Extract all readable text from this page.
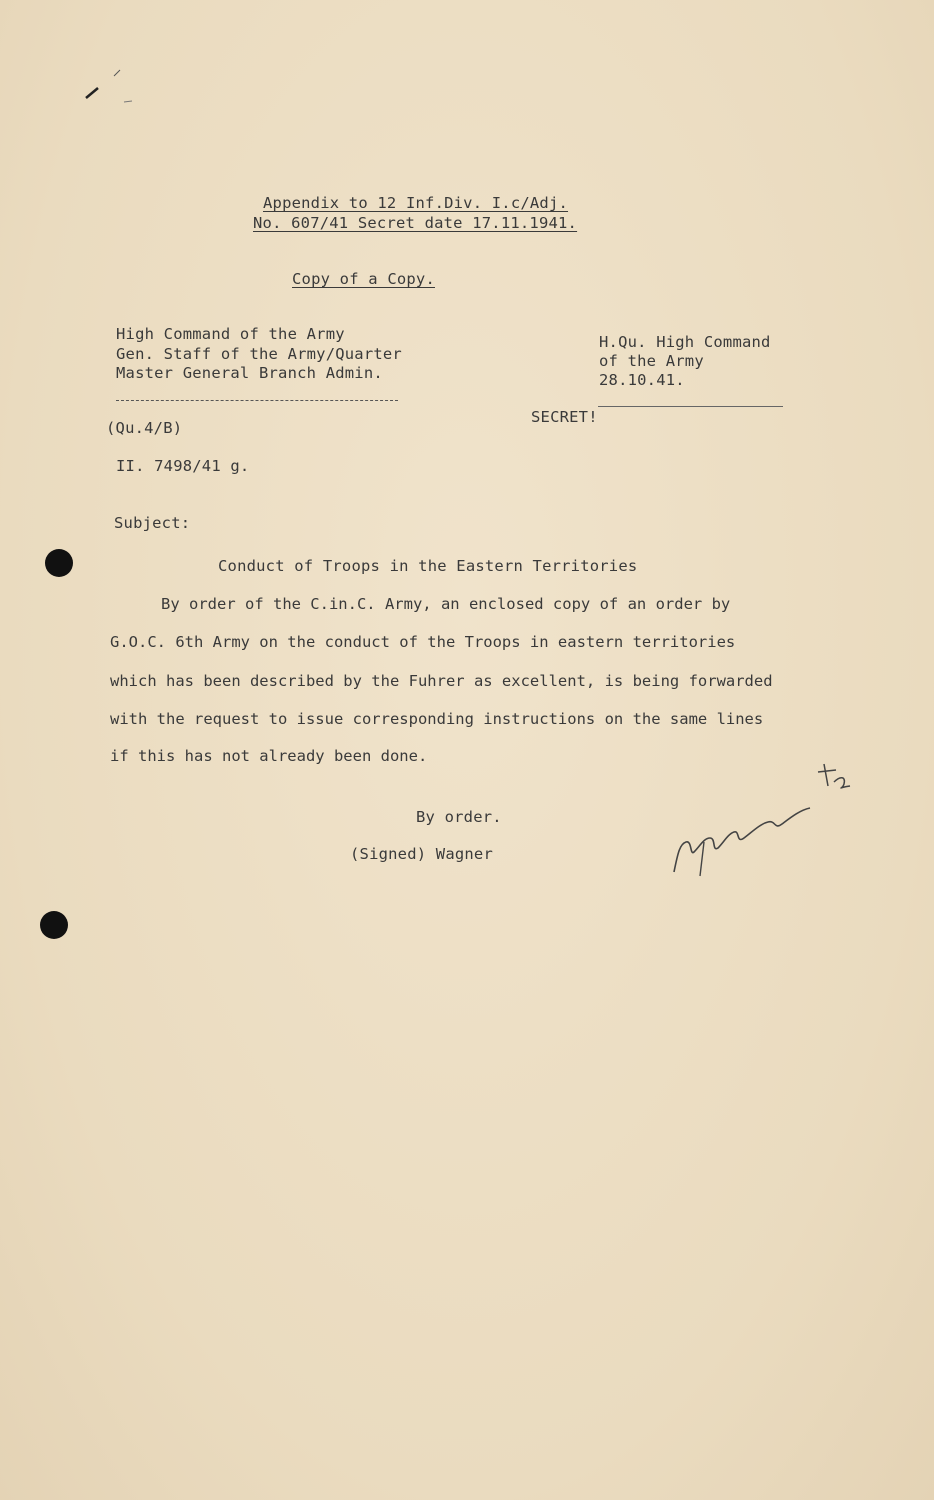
Appendix to 12 Inf.Div. I.c/Adj.
No. 607/41 Secret date 17.11.1941.
Copy of a Copy.
High Command of the Army
Gen. Staff of the Army/Quarter
Master General Branch Admin.
H.Qu. High Command
of the Army
28.10.41.
SECRET!
(Qu.4/B)
II. 7498/41 g.
Subject:
Conduct of Troops in the Eastern Territories
By order of the C.in.C. Army, an enclosed copy of an order by
G.O.C. 6th Army on the conduct of the Troops in eastern territories
which has been described by the Fuhrer as excellent, is being forwarded
with the request to issue corresponding instructions on the same lines
if this has not already been done.
By order.
(Signed) Wagner
